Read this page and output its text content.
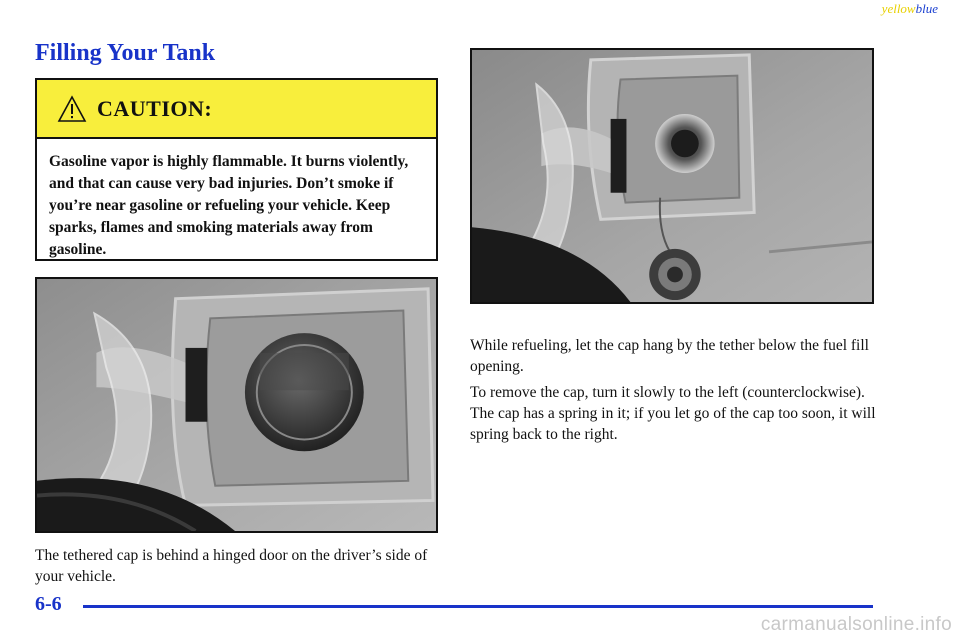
yellowblue
Filling Your Tank
CAUTION:
Gasoline vapor is highly flammable. It burns violently, and that can cause very bad injuries. Don’t smoke if you’re near gasoline or refueling your vehicle. Keep sparks, flames and smoking materials away from gasoline.

The tethered cap is behind a hinged door on the driver’s side of your vehicle.

While refueling, let the cap hang by the tether below the fuel fill opening.

To remove the cap, turn it slowly to the left (counterclockwise). The cap has a spring in it; if you let go of the cap too soon, it will spring back to the right.

6-6
carmanualsonline.info
